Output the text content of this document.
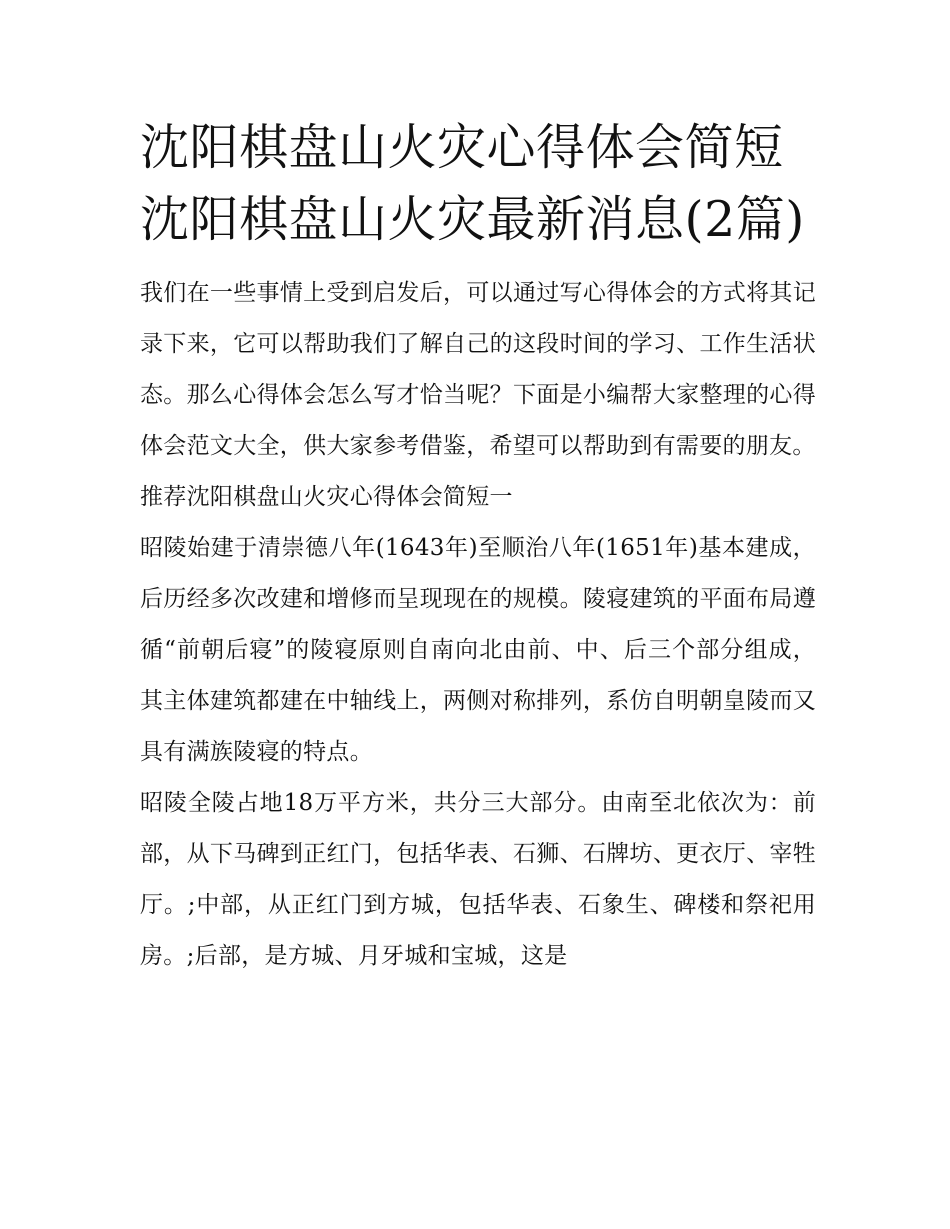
沈阳棋盘山火灾心得体会简短沈阳棋盘山火灾最新消息(2篇)

我们在一些事情上受到启发后，可以通过写心得体会的方式将其记录下来，它可以帮助我们了解自己的这段时间的学习、工作生活状态。那么心得体会怎么写才恰当呢？下面是小编帮大家整理的心得体会范文大全，供大家参考借鉴，希望可以帮助到有需要的朋友。

推荐沈阳棋盘山火灾心得体会简短一

昭陵始建于清崇德八年(1643年)至顺治八年(1651年)基本建成，后历经多次改建和增修而呈现现在的规模。陵寝建筑的平面布局遵循“前朝后寝”的陵寝原则自南向北由前、中、后三个部分组成，其主体建筑都建在中轴线上，两侧对称排列，系仿自明朝皇陵而又具有满族陵寝的特点。

昭陵全陵占地18万平方米，共分三大部分。由南至北依次为：前部，从下马碑到正红门，包括华表、石狮、石牌坊、更衣厅、宰牲厅。;中部，从正红门到方城，包括华表、石象生、碑楼和祭祀用房。;后部，是方城、月牙城和宝城，这是
